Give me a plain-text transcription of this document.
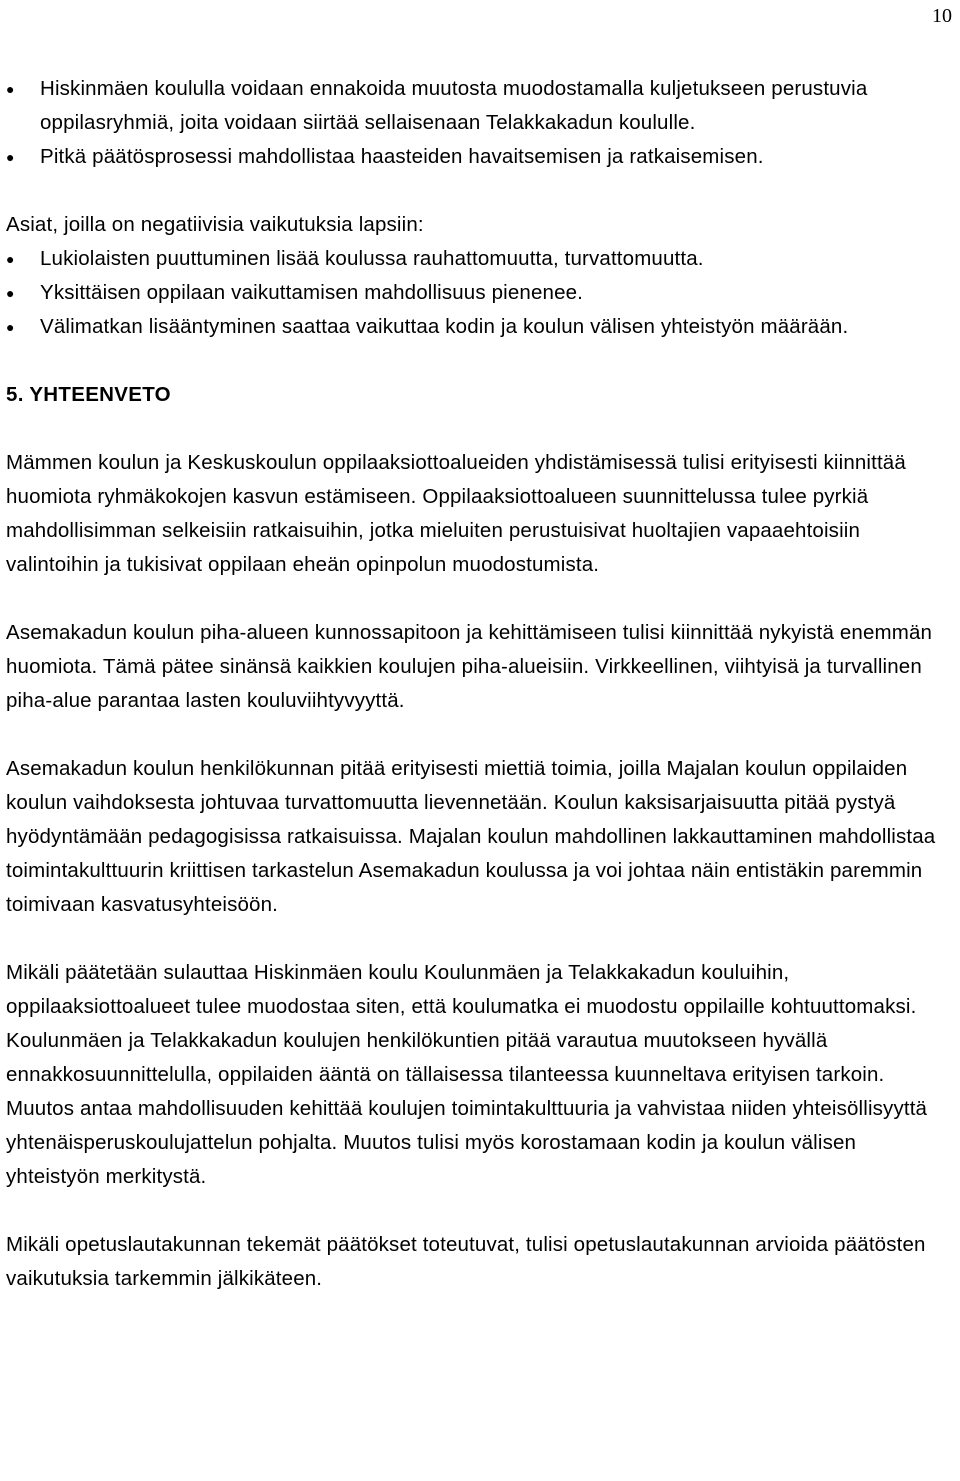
10
●
Hiskinmäen koululla voidaan ennakoida muutosta muodostamalla kuljetukseen perustuvia oppilasryhmiä, joita voidaan siirtää sellaisenaan Telakkakadun koululle.
●
Pitkä päätösprosessi mahdollistaa haasteiden havaitsemisen ja ratkaisemisen.

Asiat, joilla on negatiivisia vaikutuksia lapsiin:

●
Lukiolaisten puuttuminen lisää koulussa rauhattomuutta, turvattomuutta.
●
Yksittäisen oppilaan vaikuttamisen mahdollisuus pienenee.
●
Välimatkan lisääntyminen saattaa vaikuttaa kodin ja koulun välisen yhteistyön määrään.
5. YHTEENVETO

Mämmen koulun ja Keskuskoulun oppilaaksiottoalueiden yhdistämisessä tulisi erityisesti kiinnittää huomiota ryhmäkokojen kasvun estämiseen. Oppilaaksiottoalueen suunnittelussa tulee pyrkiä mahdollisimman selkeisiin ratkaisuihin, jotka mieluiten perustuisivat huoltajien vapaaehtoisiin valintoihin ja tukisivat oppilaan eheän opinpolun muodostumista.

Asemakadun koulun piha-alueen kunnossapitoon ja kehittämiseen tulisi kiinnittää nykyistä enemmän huomiota. Tämä pätee sinänsä kaikkien koulujen piha-alueisiin. Virkkeellinen, viihtyisä ja turvallinen piha-alue parantaa lasten kouluviihtyvyyttä.

Asemakadun koulun henkilökunnan pitää erityisesti miettiä toimia, joilla Majalan koulun oppilaiden koulun vaihdoksesta johtuvaa turvattomuutta lievennetään. Koulun kaksisarjaisuutta pitää pystyä hyödyntämään pedagogisissa ratkaisuissa. Majalan koulun mahdollinen lakkauttaminen mahdollistaa toimintakulttuurin kriittisen tarkastelun Asemakadun koulussa ja voi johtaa näin entistäkin paremmin toimivaan kasvatusyhteisöön.

Mikäli päätetään sulauttaa Hiskinmäen koulu Koulunmäen ja Telakkakadun kouluihin, oppilaaksiottoalueet tulee muodostaa siten, että koulumatka ei muodostu oppilaille kohtuuttomaksi. Koulunmäen ja Telakkakadun koulujen henkilökuntien pitää varautua muutokseen hyvällä ennakkosuunnittelulla, oppilaiden ääntä on tällaisessa tilanteessa kuunneltava erityisen tarkoin. Muutos antaa mahdollisuuden kehittää koulujen toimintakulttuuria ja vahvistaa niiden yhteisöllisyyttä yhtenäisperuskoulujattelun pohjalta. Muutos tulisi myös korostamaan kodin ja koulun välisen yhteistyön merkitystä.

Mikäli opetuslautakunnan tekemät päätökset toteutuvat, tulisi opetuslautakunnan arvioida päätösten vaikutuksia tarkemmin jälkikäteen.
